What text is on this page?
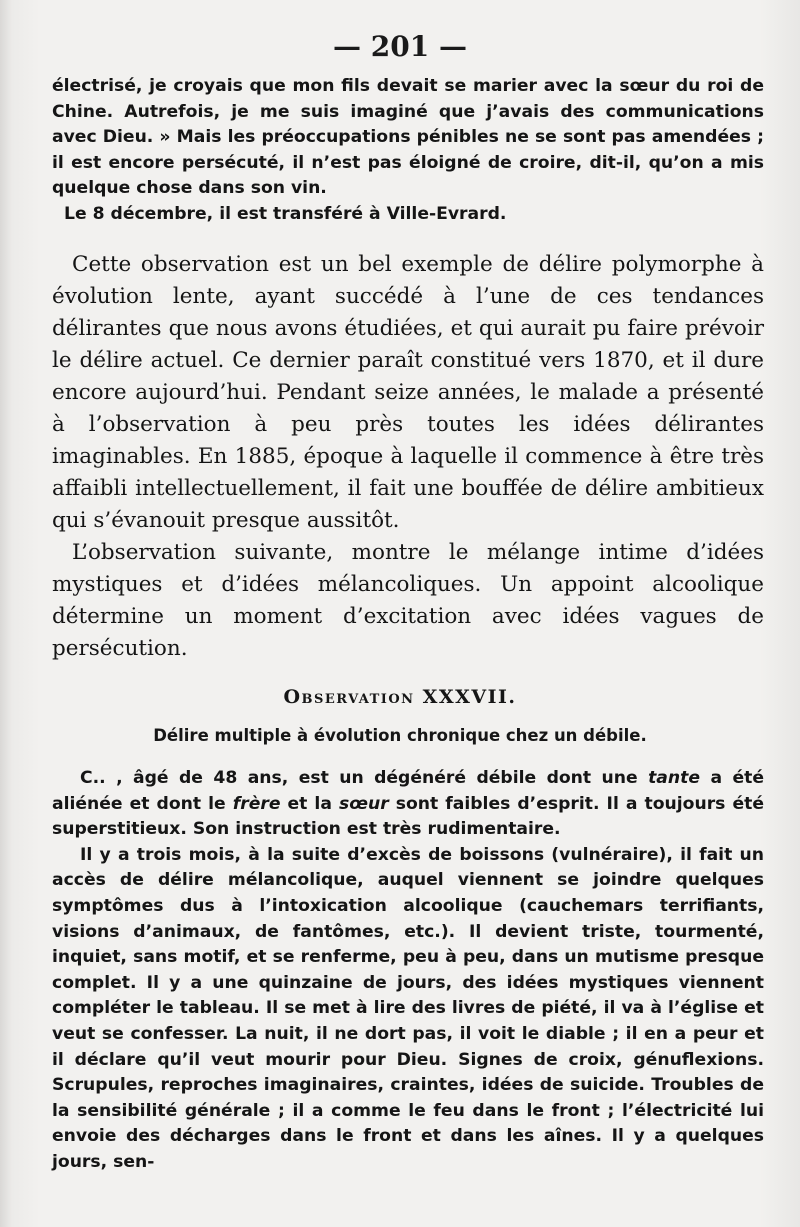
— 201 —

électrisé, je croyais que mon fils devait se marier avec la sœur du roi de Chine. Autrefois, je me suis imaginé que j’avais des communications avec Dieu. » Mais les préoccupations pénibles ne se sont pas amendées ; il est encore persécuté, il n’est pas éloigné de croire, dit-il, qu’on a mis quelque chose dans son vin.

Le 8 décembre, il est transféré à Ville-Evrard.

Cette observation est un bel exemple de délire polymorphe à évolution lente, ayant succédé à l’une de ces tendances délirantes que nous avons étudiées, et qui aurait pu faire prévoir le délire actuel. Ce dernier paraît constitué vers 1870, et il dure encore aujourd’hui. Pendant seize années, le malade a présenté à l’observation à peu près toutes les idées délirantes imaginables. En 1885, époque à laquelle il commence à être très affaibli intellectuellement, il fait une bouffée de délire ambitieux qui s’évanouit presque aussitôt.

L’observation suivante, montre le mélange intime d’idées mystiques et d’idées mélancoliques. Un appoint alcoolique détermine un moment d’excitation avec idées vagues de persécution.

Observation XXXVII.
Délire multiple à évolution chronique chez un débile.

C.. , âgé de 48 ans, est un dégénéré débile dont une tante a été aliénée et dont le frère et la sœur sont faibles d’esprit. Il a toujours été superstitieux. Son instruction est très rudimentaire.

Il y a trois mois, à la suite d’excès de boissons (vulnéraire), il fait un accès de délire mélancolique, auquel viennent se joindre quelques symptômes dus à l’intoxication alcoolique (cauchemars terrifiants, visions d’animaux, de fantômes, etc.). Il devient triste, tourmenté, inquiet, sans motif, et se renferme, peu à peu, dans un mutisme presque complet. Il y a une quinzaine de jours, des idées mystiques viennent compléter le tableau. Il se met à lire des livres de piété, il va à l’église et veut se confesser. La nuit, il ne dort pas, il voit le diable ; il en a peur et il déclare qu’il veut mourir pour Dieu. Signes de croix, génuflexions. Scrupules, reproches imaginaires, craintes, idées de suicide. Troubles de la sensibilité générale ; il a comme le feu dans le front ; l’électricité lui envoie des décharges dans le front et dans les aînes. Il y a quelques jours, sen-
